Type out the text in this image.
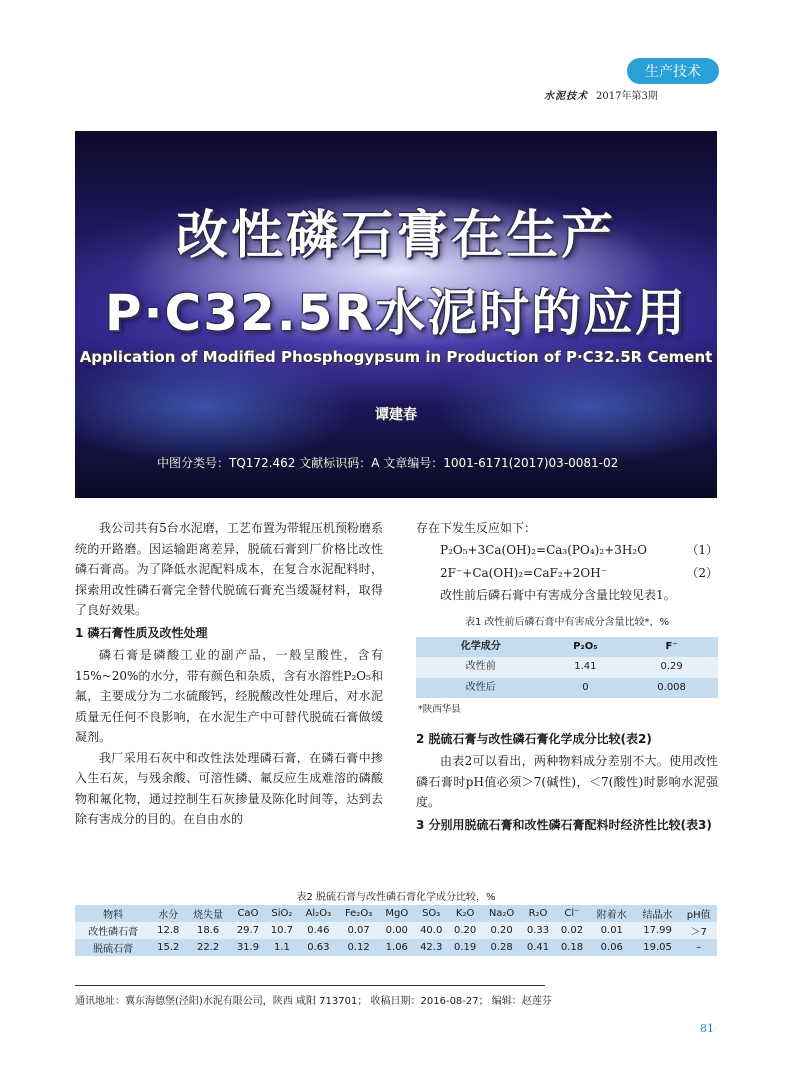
生产技术
水泥技术 2017年第3期
改性磷石膏在生产
P·C32.5R水泥时的应用
Application of Modified Phosphogypsum in Production of P·C32.5R Cement
谭建春
中图分类号：TQ172.462 文献标识码：A 文章编号：1001-6171(2017)03-0081-02

我公司共有5台水泥磨，工艺布置为带辊压机预粉磨系统的开路磨。因运输距离差异，脱硫石膏到厂价格比改性磷石膏高。为了降低水泥配料成本，在复合水泥配料时，探索用改性磷石膏完全替代脱硫石膏充当缓凝材料，取得了良好效果。

1 磷石膏性质及改性处理

磷石膏是磷酸工业的副产品，一般呈酸性，含有15%~20%的水分，带有颜色和杂质，含有水溶性P₂O₅和氟，主要成分为二水硫酸钙，经脱酸改性处理后，对水泥质量无任何不良影响，在水泥生产中可替代脱硫石膏做缓凝剂。

我厂采用石灰中和改性法处理磷石膏，在磷石膏中掺入生石灰，与残余酸、可溶性磷、氟反应生成难溶的磷酸物和氟化物，通过控制生石灰掺量及陈化时间等，达到去除有害成分的目的。在自由水的

存在下发生反应如下：

P₂O₅+3Ca(OH)₂=Ca₃(PO₄)₂+3H₂O	（1）
2F⁻+Ca(OH)₂=CaF₂+2OH⁻	（2）

改性前后磷石膏中有害成分含量比较见表1。

表1 改性前后磷石膏中有害成分含量比较*，%
化学成分	P₂O₅	F⁻
改性前	1.41	0.29
改性后	0	0.008
*陕西华县
2 脱硫石膏与改性磷石膏化学成分比较(表2)

由表2可以看出，两种物料成分差别不大。使用改性磷石膏时pH值必须＞7(碱性)，＜7(酸性)时影响水泥强度。

3 分别用脱硫石膏和改性磷石膏配料时经济性比较(表3)
表2 脱硫石膏与改性磷石膏化学成分比较，%
物料	水分	烧失量	CaO	SiO₂	Al₂O₃	Fe₂O₃	MgO	SO₃	K₂O	Na₂O	R₂O	Cl⁻	附着水	结晶水	pH值
改性磷石膏	12.8	18.6	29.7	10.7	0.46	0.07	0.00	40.0	0.20	0.20	0.33	0.02	0.01	17.99	＞7
脱硫石膏	15.2	22.2	31.9	1.1	0.63	0.12	1.06	42.3	0.19	0.28	0.41	0.18	0.06	19.05	–
通讯地址：冀东海德堡(泾阳)水泥有限公司，陕西 咸阳 713701； 收稿日期：2016-08-27； 编辑：赵莲芬
81
